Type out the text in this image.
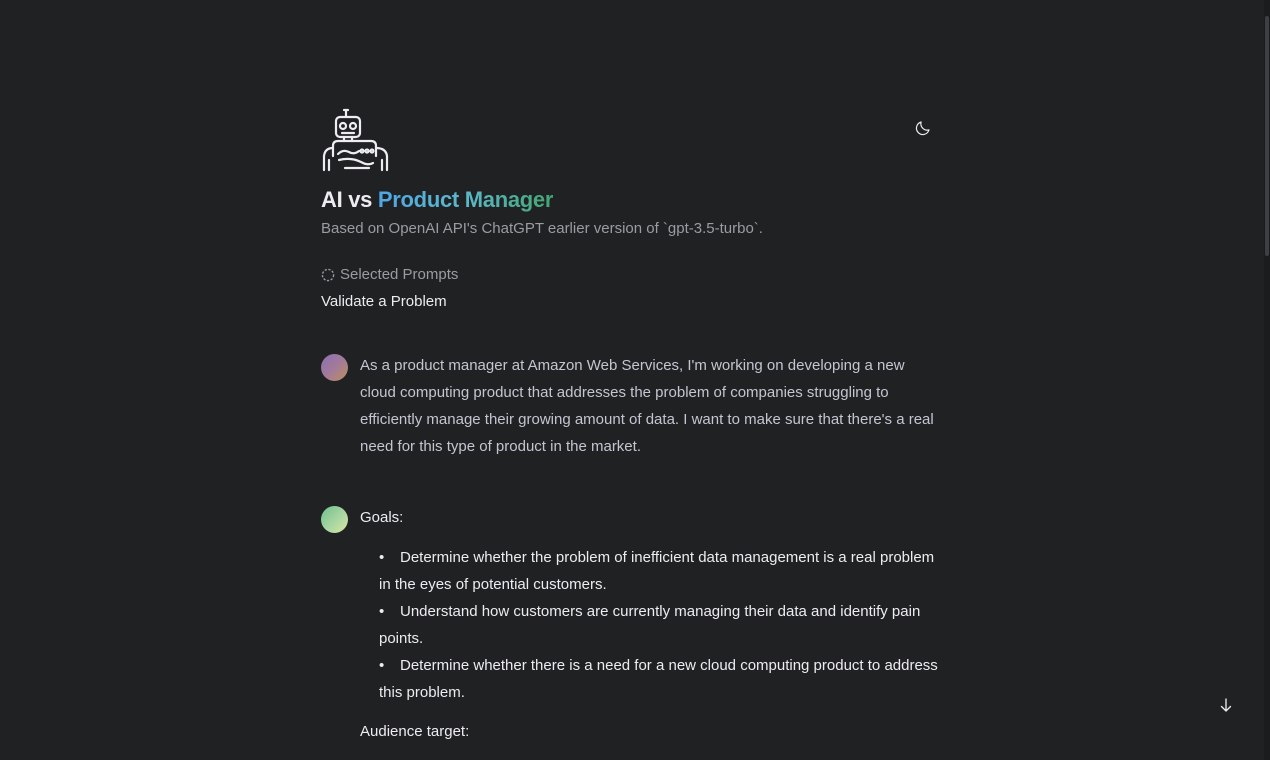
AI vs Product Manager
Based on OpenAI API's ChatGPT earlier version of `gpt-3.5-turbo`.
Selected Prompts
Validate a Problem
As a product manager at Amazon Web Services, I'm working on developing a new cloud computing product that addresses the problem of companies struggling to efficiently manage their growing amount of data. I want to make sure that there's a real need for this type of product in the market.
Goals:
• Determine whether the problem of inefficient data management is a real problem in the eyes of potential customers.
• Understand how customers are currently managing their data and identify pain points.
• Determine whether there is a need for a new cloud computing product to address this problem.
Audience target:
